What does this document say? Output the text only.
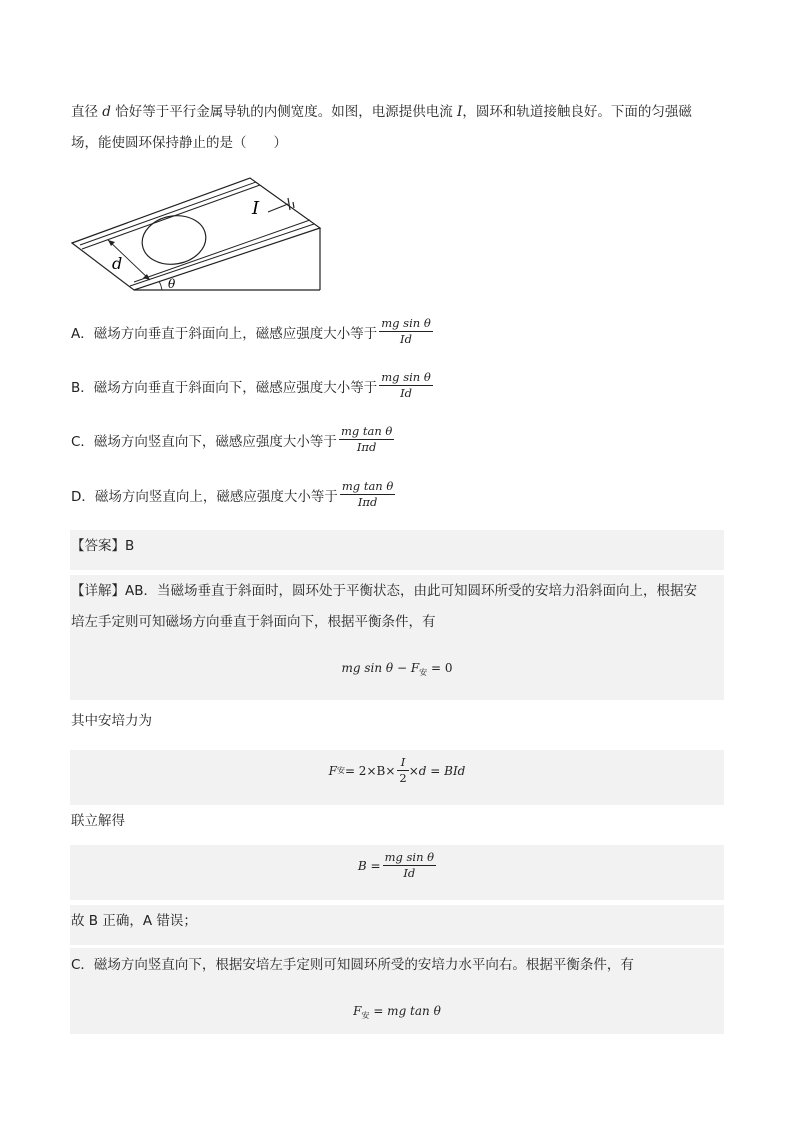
直径 d 恰好等于平行金属导轨的内侧宽度。如图，电源提供电流 I，圆环和轨道接触良好。下面的匀强磁
场，能使圆环保持静止的是（　　）
I
d
θ
A．磁场方向垂直于斜面向上，磁感应强度大小等于 $\frac{\text{mg sin θ}}{Id}$
B．磁场方向垂直于斜面向下，磁感应强度大小等于 $\frac{\text{mg sin θ}}{Id}$
C．磁场方向竖直向下，磁感应强度大小等于 $\frac{\text{mg tan θ}}{\text{Iπd}}$
D．磁场方向竖直向上，磁感应强度大小等于 $\frac{\text{mg tan θ}}{\text{Iπd}}$
【答案】B
【详解】AB．当磁场垂直于斜面时，圆环处于平衡状态，由此可知圆环所受的安培力沿斜面向上，根据安
培左手定则可知磁场方向垂直于斜面向下，根据平衡条件，有
mg $\sin \theta - F_安 = 0$
其中安培力为
F 安 = $2\times B\times \frac{I}{2} \times d$ = BId
联立解得
$B = \frac{\text{mg sin θ}}{Id}$
故 B 正确，A 错误；
C．磁场方向竖直向下，根据安培左手定则可知圆环所受的安培力水平向右。根据平衡条件，有
$F_安$ = mg tan θ
